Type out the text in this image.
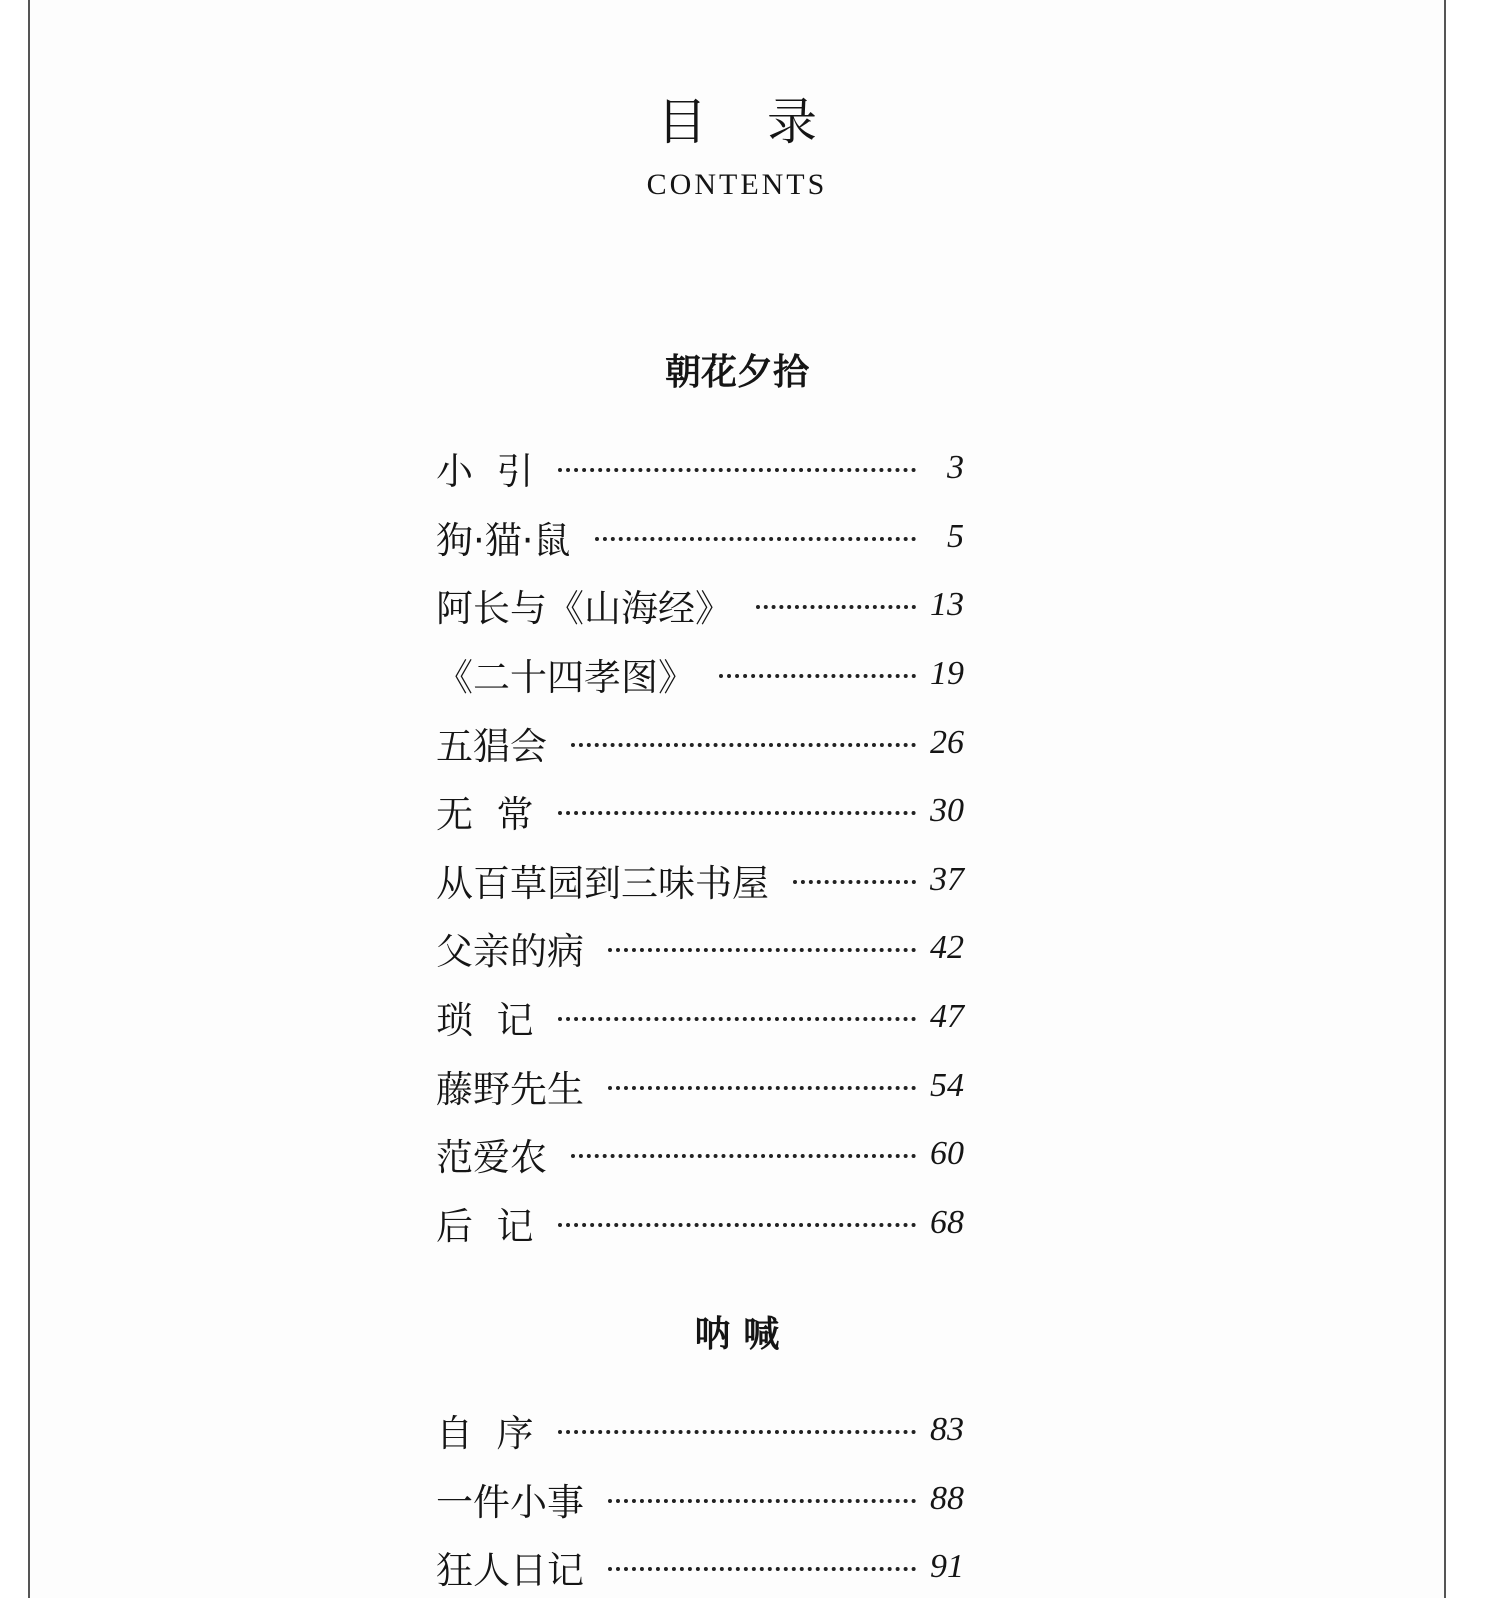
目 录
CONTENTS
朝花夕拾
小  引	3
狗·猫·鼠	5
阿长与《山海经》	13
《二十四孝图》	19
五猖会	26
无  常	30
从百草园到三味书屋	37
父亲的病	42
琐  记	47
藤野先生	54
范爱农	60
后  记	68
呐 喊
自  序	83
一件小事	88
狂人日记	91
